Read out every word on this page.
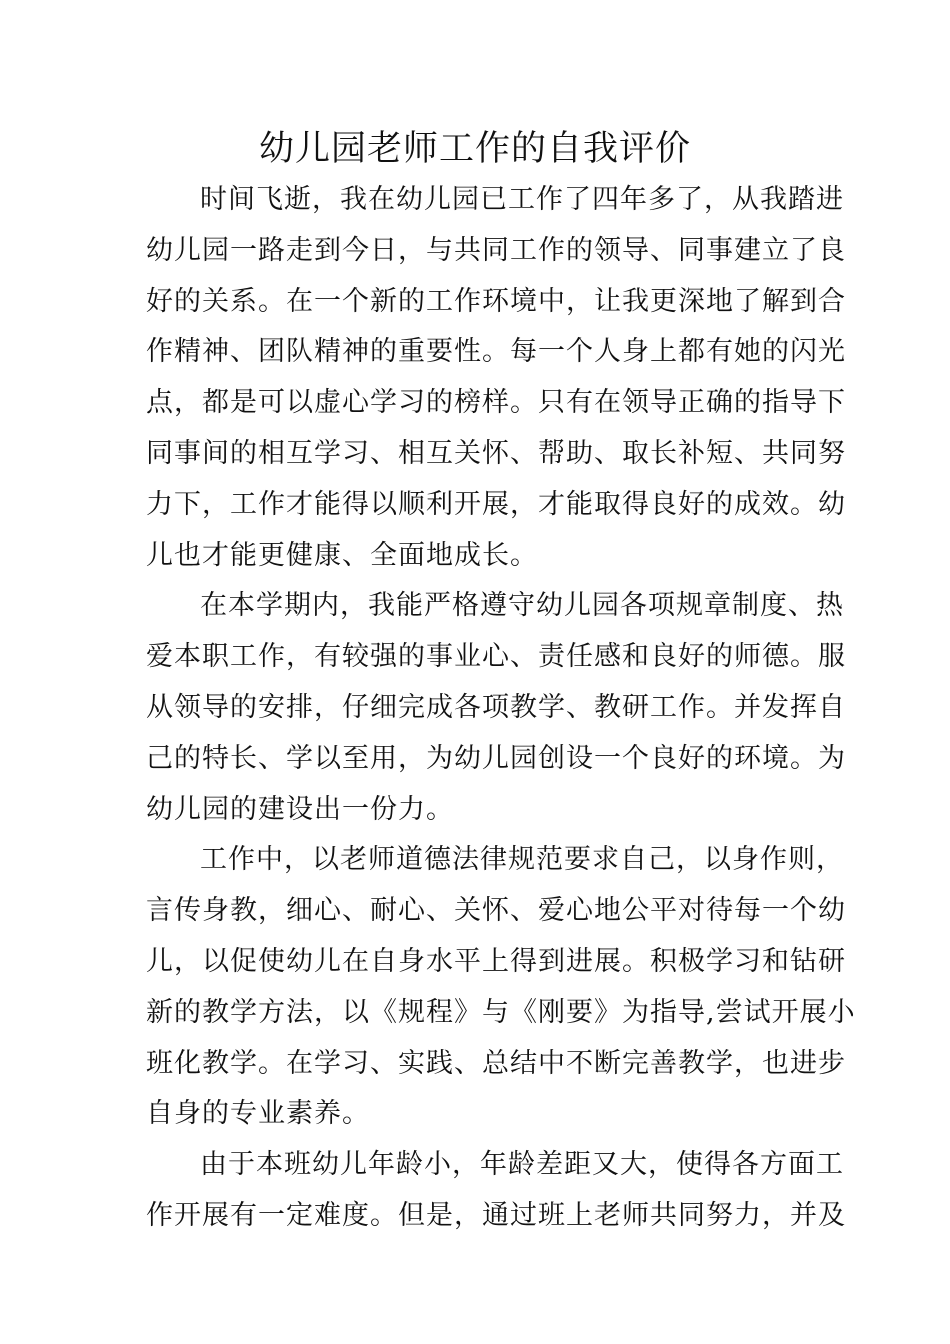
幼儿园老师工作的自我评价

时间飞逝，我在幼儿园已工作了四年多了，从我踏进
幼儿园一路走到今日，与共同工作的领导、同事建立了良
好的关系。在一个新的工作环境中，让我更深地了解到合
作精神、团队精神的重要性。每一个人身上都有她的闪光
点，都是可以虚心学习的榜样。只有在领导正确的指导下
同事间的相互学习、相互关怀、帮助、取长补短、共同努
力下，工作才能得以顺利开展，才能取得良好的成效。幼
儿也才能更健康、全面地成长。

在本学期内，我能严格遵守幼儿园各项规章制度、热
爱本职工作，有较强的事业心、责任感和良好的师德。服
从领导的安排，仔细完成各项教学、教研工作。并发挥自
己的特长、学以至用，为幼儿园创设一个良好的环境。为
幼儿园的建设出一份力。

工作中，以老师道德法律规范要求自己，以身作则，
言传身教，细心、耐心、关怀、爱心地公平对待每一个幼
儿，以促使幼儿在自身水平上得到进展。积极学习和钻研
新的教学方法，以《规程》与《刚要》为指导,尝试开展小
班化教学。在学习、实践、总结中不断完善教学，也进步
自身的专业素养。

由于本班幼儿年龄小，年龄差距又大，使得各方面工
作开展有一定难度。但是，通过班上老师共同努力，并及
